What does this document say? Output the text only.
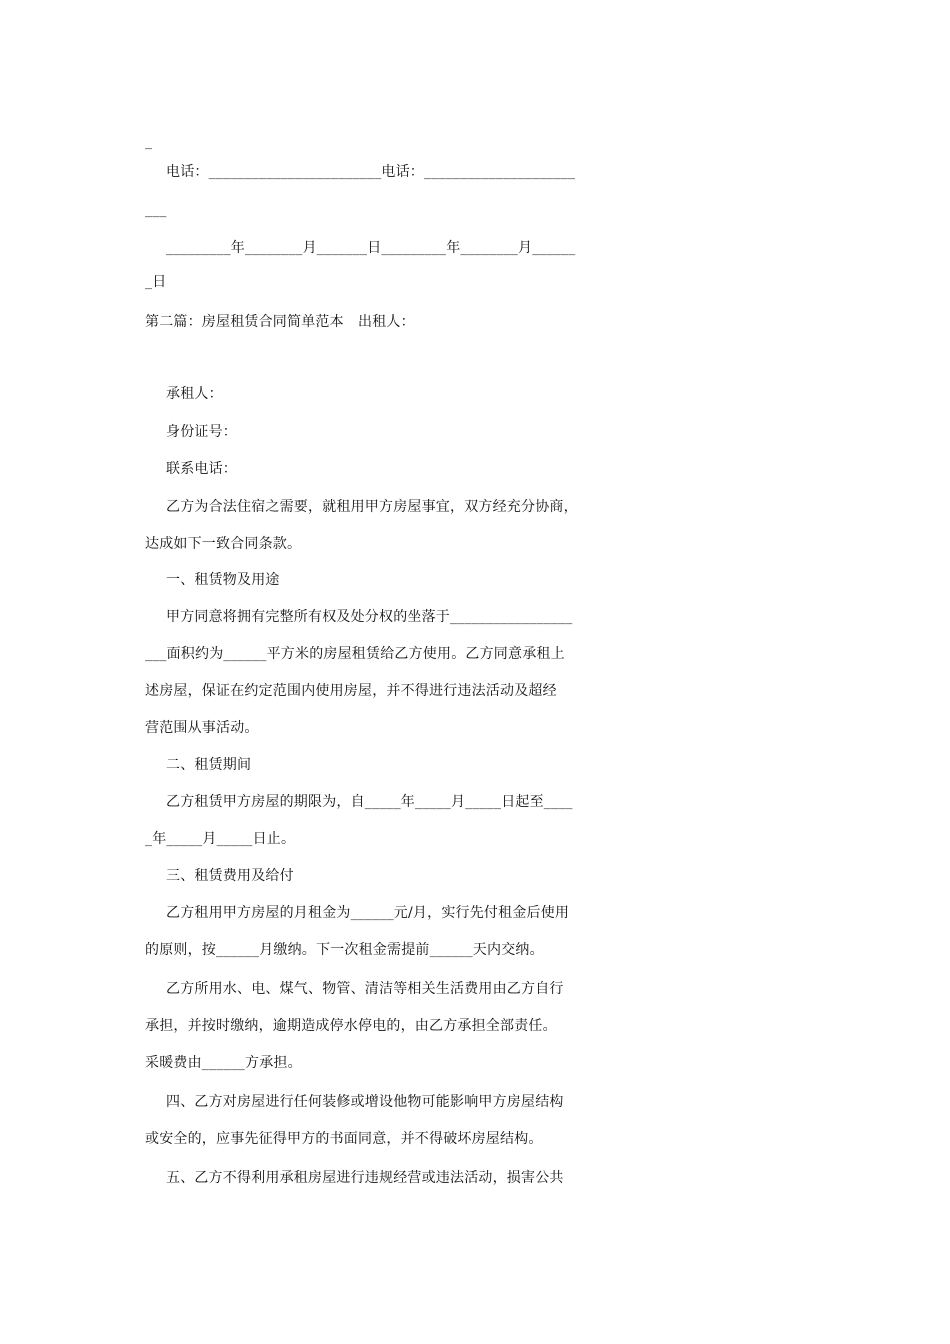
_
电话：________________________电话：_____________________
___
_________年________月_______日_________年________月______
_日
第二篇：房屋租赁合同简单范本　出租人：
承租人：
身份证号：
联系电话：
乙方为合法住宿之需要，就租用甲方房屋事宜，双方经充分协商，
达成如下一致合同条款。
一、租赁物及用途
甲方同意将拥有完整所有权及处分权的坐落于_________________
___面积约为______平方米的房屋租赁给乙方使用。乙方同意承租上
述房屋，保证在约定范围内使用房屋，并不得进行违法活动及超经
营范围从事活动。
二、租赁期间
乙方租赁甲方房屋的期限为，自_____年_____月_____日起至____
_年_____月_____日止。
三、租赁费用及给付
乙方租用甲方房屋的月租金为______元/月，实行先付租金后使用
的原则，按______月缴纳。下一次租金需提前______天内交纳。
乙方所用水、电、煤气、物管、清洁等相关生活费用由乙方自行
承担，并按时缴纳，逾期造成停水停电的，由乙方承担全部责任。
采暖费由______方承担。
四、乙方对房屋进行任何装修或增设他物可能影响甲方房屋结构
或安全的，应事先征得甲方的书面同意，并不得破坏房屋结构。
五、乙方不得利用承租房屋进行违规经营或违法活动，损害公共
